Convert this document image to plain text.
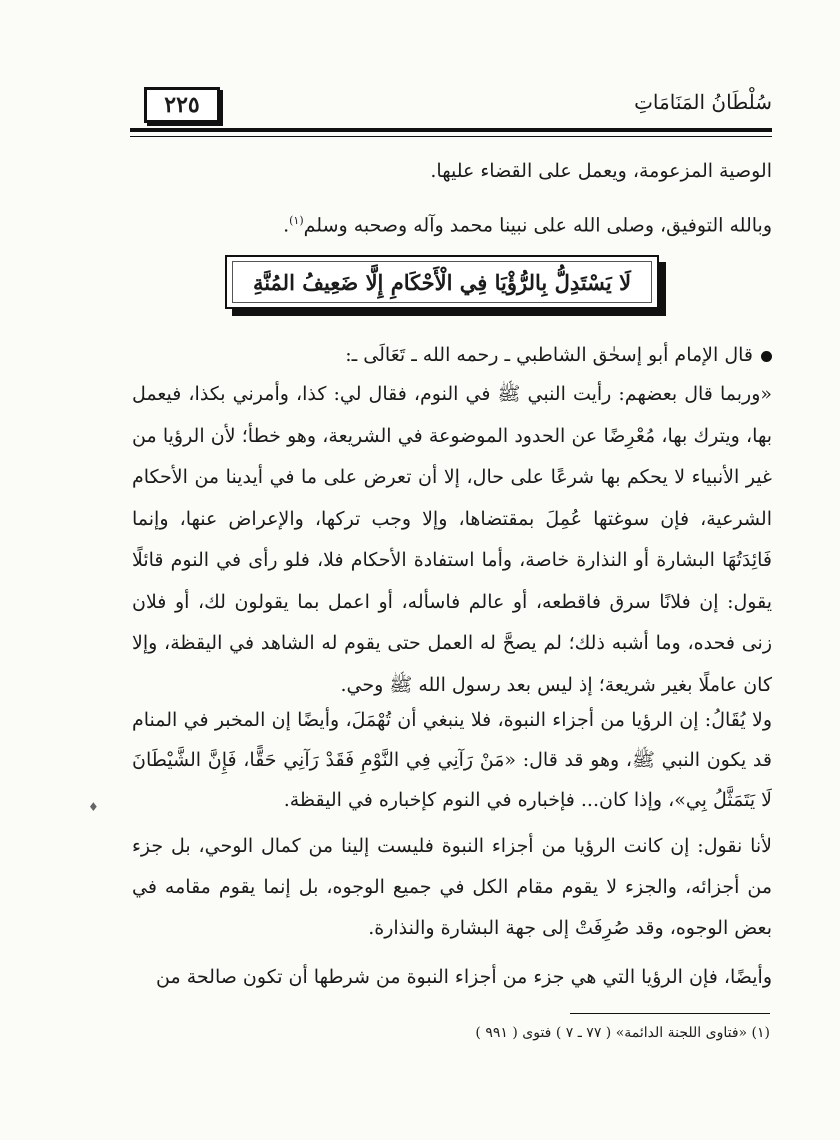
٢٢٥	سُلْطَانُ المَنَامَاتِ
الوصية المزعومة، ويعمل على القضاء عليها.
وبالله التوفيق، وصلى الله على نبينا محمد وآله وصحبه وسلم$^{(١)}$.
لَا يَسْتَدِلُّ بِالرُّؤْيَا فِي الْأَحْكَامِ إِلَّا ضَعِيفُ المُنَّةِ
قال الإمام أبو إسحٰق الشاطبي ـ رحمه الله ـ تَعَالَى ـ:
«وربما قال بعضهم: رأيت النبي ﷺ في النوم، فقال لي: كذا، وأمرني بكذا، فيعمل بها، ويترك بها، مُعْرِضًا عن الحدود الموضوعة في الشريعة، وهو خطأ؛ لأن الرؤيا من غير الأنبياء لا يحكم بها شرعًا على حال، إلا أن تعرض على ما في أيدينا من الأحكام الشرعية، فإن سوغتها عُمِلَ بمقتضاها، وإلا وجب تركها، والإعراض عنها، وإنما فَائِدَتُهَا البشارة أو النذارة خاصة، وأما استفادة الأحكام فلا، فلو رأى في النوم قائلًا يقول: إن فلانًا سرق فاقطعه، أو عالم فاسأله، أو اعمل بما يقولون لك، أو فلان زنى فحده، وما أشبه ذلك؛ لم يصحَّ له العمل حتى يقوم له الشاهد في اليقظة، وإلا كان عاملًا بغير شريعة؛ إذ ليس بعد رسول الله ﷺ وحي.
ولا يُقَالُ: إن الرؤيا من أجزاء النبوة، فلا ينبغي أن تُهْمَلَ، وأيضًا إن المخبر في المنام قد يكون النبي ﷺ، وهو قد قال: «مَنْ رَآنِي فِي النَّوْمِ فَقَدْ رَآنِي حَقًّا، فَإِنَّ الشَّيْطَانَ لَا يَتَمَثَّلُ بِي»، وإذا كان... فإخباره في النوم كإخباره في اليقظة.
لأنا نقول: إن كانت الرؤيا من أجزاء النبوة فليست إلينا من كمال الوحي، بل جزء من أجزائه، والجزء لا يقوم مقام الكل في جميع الوجوه، بل إنما يقوم مقامه في بعض الوجوه، وقد صُرِفَتْ إلى جهة البشارة والنذارة.
وأيضًا، فإن الرؤيا التي هي جزء من أجزاء النبوة من شرطها أن تكون صالحة من
(١) «فتاوى اللجنة الدائمة» ( ٧٧ ـ ٧ ) فتوى ( ٩٩١ )
♦
